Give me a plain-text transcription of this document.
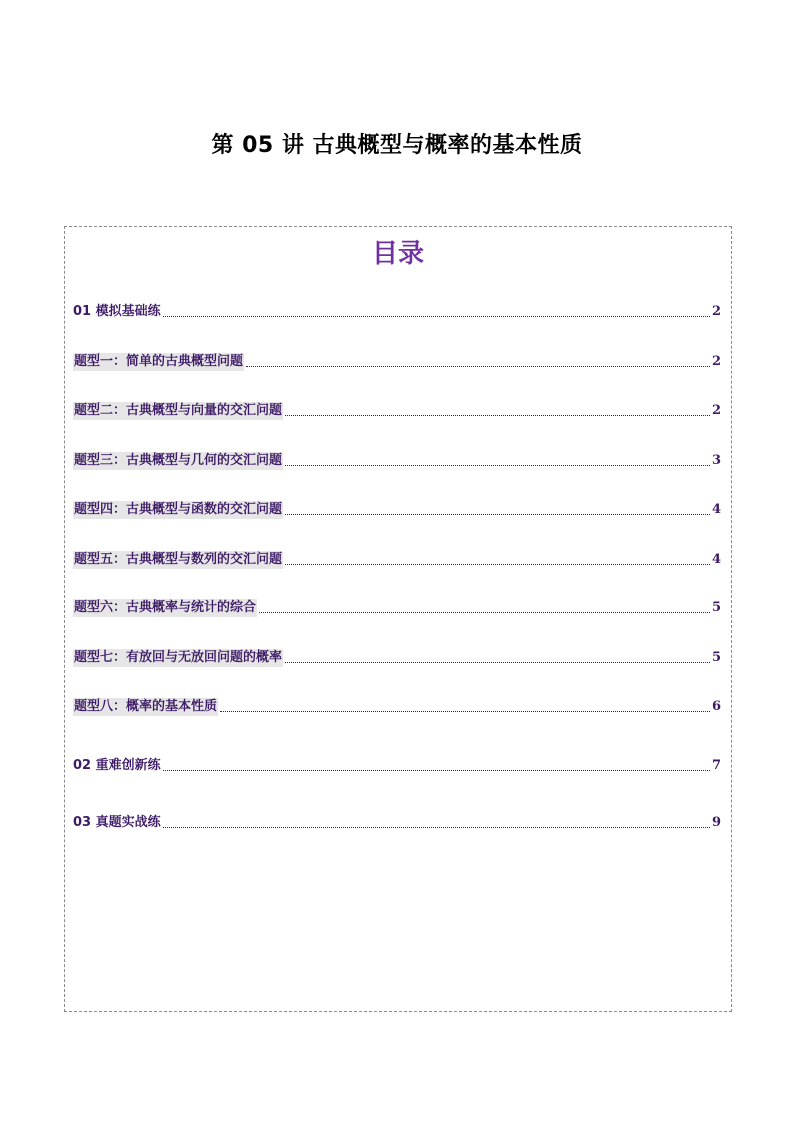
第 05 讲 古典概型与概率的基本性质
目录
01 模拟基础练	2
题型一：简单的古典概型问题	2
题型二：古典概型与向量的交汇问题	2
题型三：古典概型与几何的交汇问题	3
题型四：古典概型与函数的交汇问题	4
题型五：古典概型与数列的交汇问题	4
题型六：古典概率与统计的综合	5
题型七：有放回与无放回问题的概率	5
题型八：概率的基本性质	6
02 重难创新练	7
03 真题实战练	9
